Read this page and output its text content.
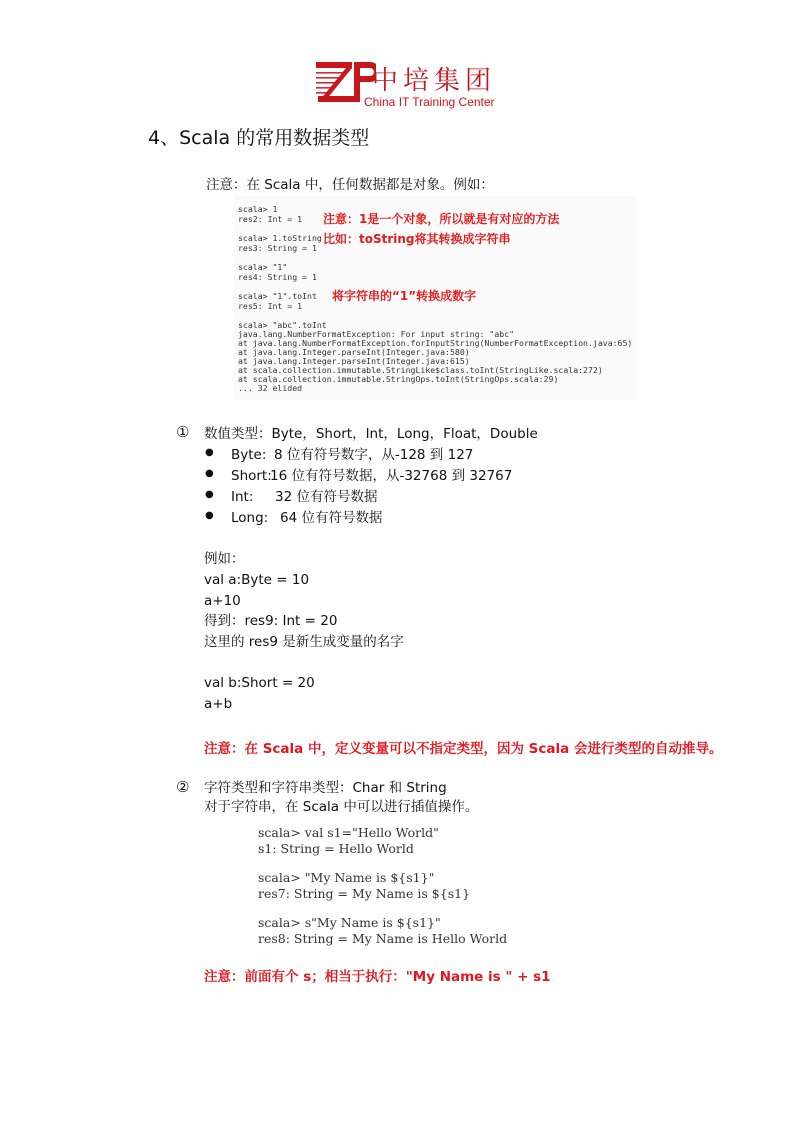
中培集团
China IT Training Center
4、Scala 的常用数据类型
注意：在 Scala 中，任何数据都是对象。例如：
scala> 1
res2: Int = 1
scala> 1.toString
res3: String = 1
scala> "1"
res4: String = 1
scala> "1".toInt
res5: Int = 1
scala> "abc".toInt
java.lang.NumberFormatException: For input string: "abc"
at java.lang.NumberFormatException.forInputString(NumberFormatException.java:65)
at java.lang.Integer.parseInt(Integer.java:580)
at java.lang.Integer.parseInt(Integer.java:615)
at scala.collection.immutable.StringLike$class.toInt(StringLike.scala:272)
at scala.collection.immutable.StringOps.toInt(StringOps.scala:29)
... 32 elided
注意：1是一个对象，所以就是有对应的方法
比如：toString将其转换成字符串
将字符串的“1”转换成数字
① 数值类型：Byte，Short，Int，Long，Float，Double
● Byte: 8 位有符号数字，从-128 到 127
● Short:
16 位有符号数据，从-32768 到 32767
● Int: 32 位有符号数据
● Long: 64 位有符号数据
例如：
val a:Byte = 10
a+10
得到：res9: Int = 20
这里的 res9 是新生成变量的名字
val b:Short = 20
a+b
注意：在 Scala 中，定义变量可以不指定类型，因为 Scala 会进行类型的自动推导。
② 字符类型和字符串类型：Char 和 String
对于字符串，在 Scala 中可以进行插值操作。
scala> val s1="Hello World"
s1: String = Hello World
scala> "My Name is ${s1}"
res7: String = My Name is ${s1}
scala> s"My Name is ${s1}"
res8: String = My Name is Hello World
注意：前面有个 s；相当于执行："My Name is " + s1
